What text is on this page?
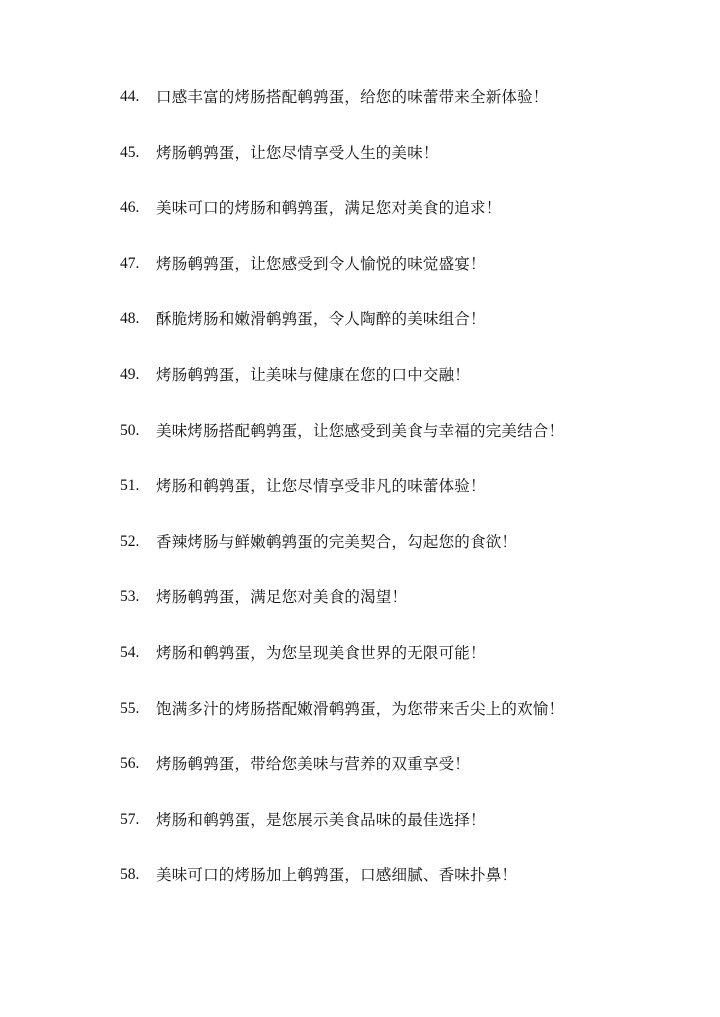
44.	口感丰富的烤肠搭配鹌鹑蛋，给您的味蕾带来全新体验！
45.	烤肠鹌鹑蛋，让您尽情享受人生的美味！
46.	美味可口的烤肠和鹌鹑蛋，满足您对美食的追求！
47.	烤肠鹌鹑蛋，让您感受到令人愉悦的味觉盛宴！
48.	酥脆烤肠和嫩滑鹌鹑蛋，令人陶醉的美味组合！
49.	烤肠鹌鹑蛋，让美味与健康在您的口中交融！
50.	美味烤肠搭配鹌鹑蛋，让您感受到美食与幸福的完美结合！
51.	烤肠和鹌鹑蛋，让您尽情享受非凡的味蕾体验！
52.	香辣烤肠与鲜嫩鹌鹑蛋的完美契合，勾起您的食欲！
53.	烤肠鹌鹑蛋，满足您对美食的渴望！
54.	烤肠和鹌鹑蛋，为您呈现美食世界的无限可能！
55.	饱满多汁的烤肠搭配嫩滑鹌鹑蛋，为您带来舌尖上的欢愉！
56.	烤肠鹌鹑蛋，带给您美味与营养的双重享受！
57.	烤肠和鹌鹑蛋，是您展示美食品味的最佳选择！
58.	美味可口的烤肠加上鹌鹑蛋，口感细腻、香味扑鼻！
